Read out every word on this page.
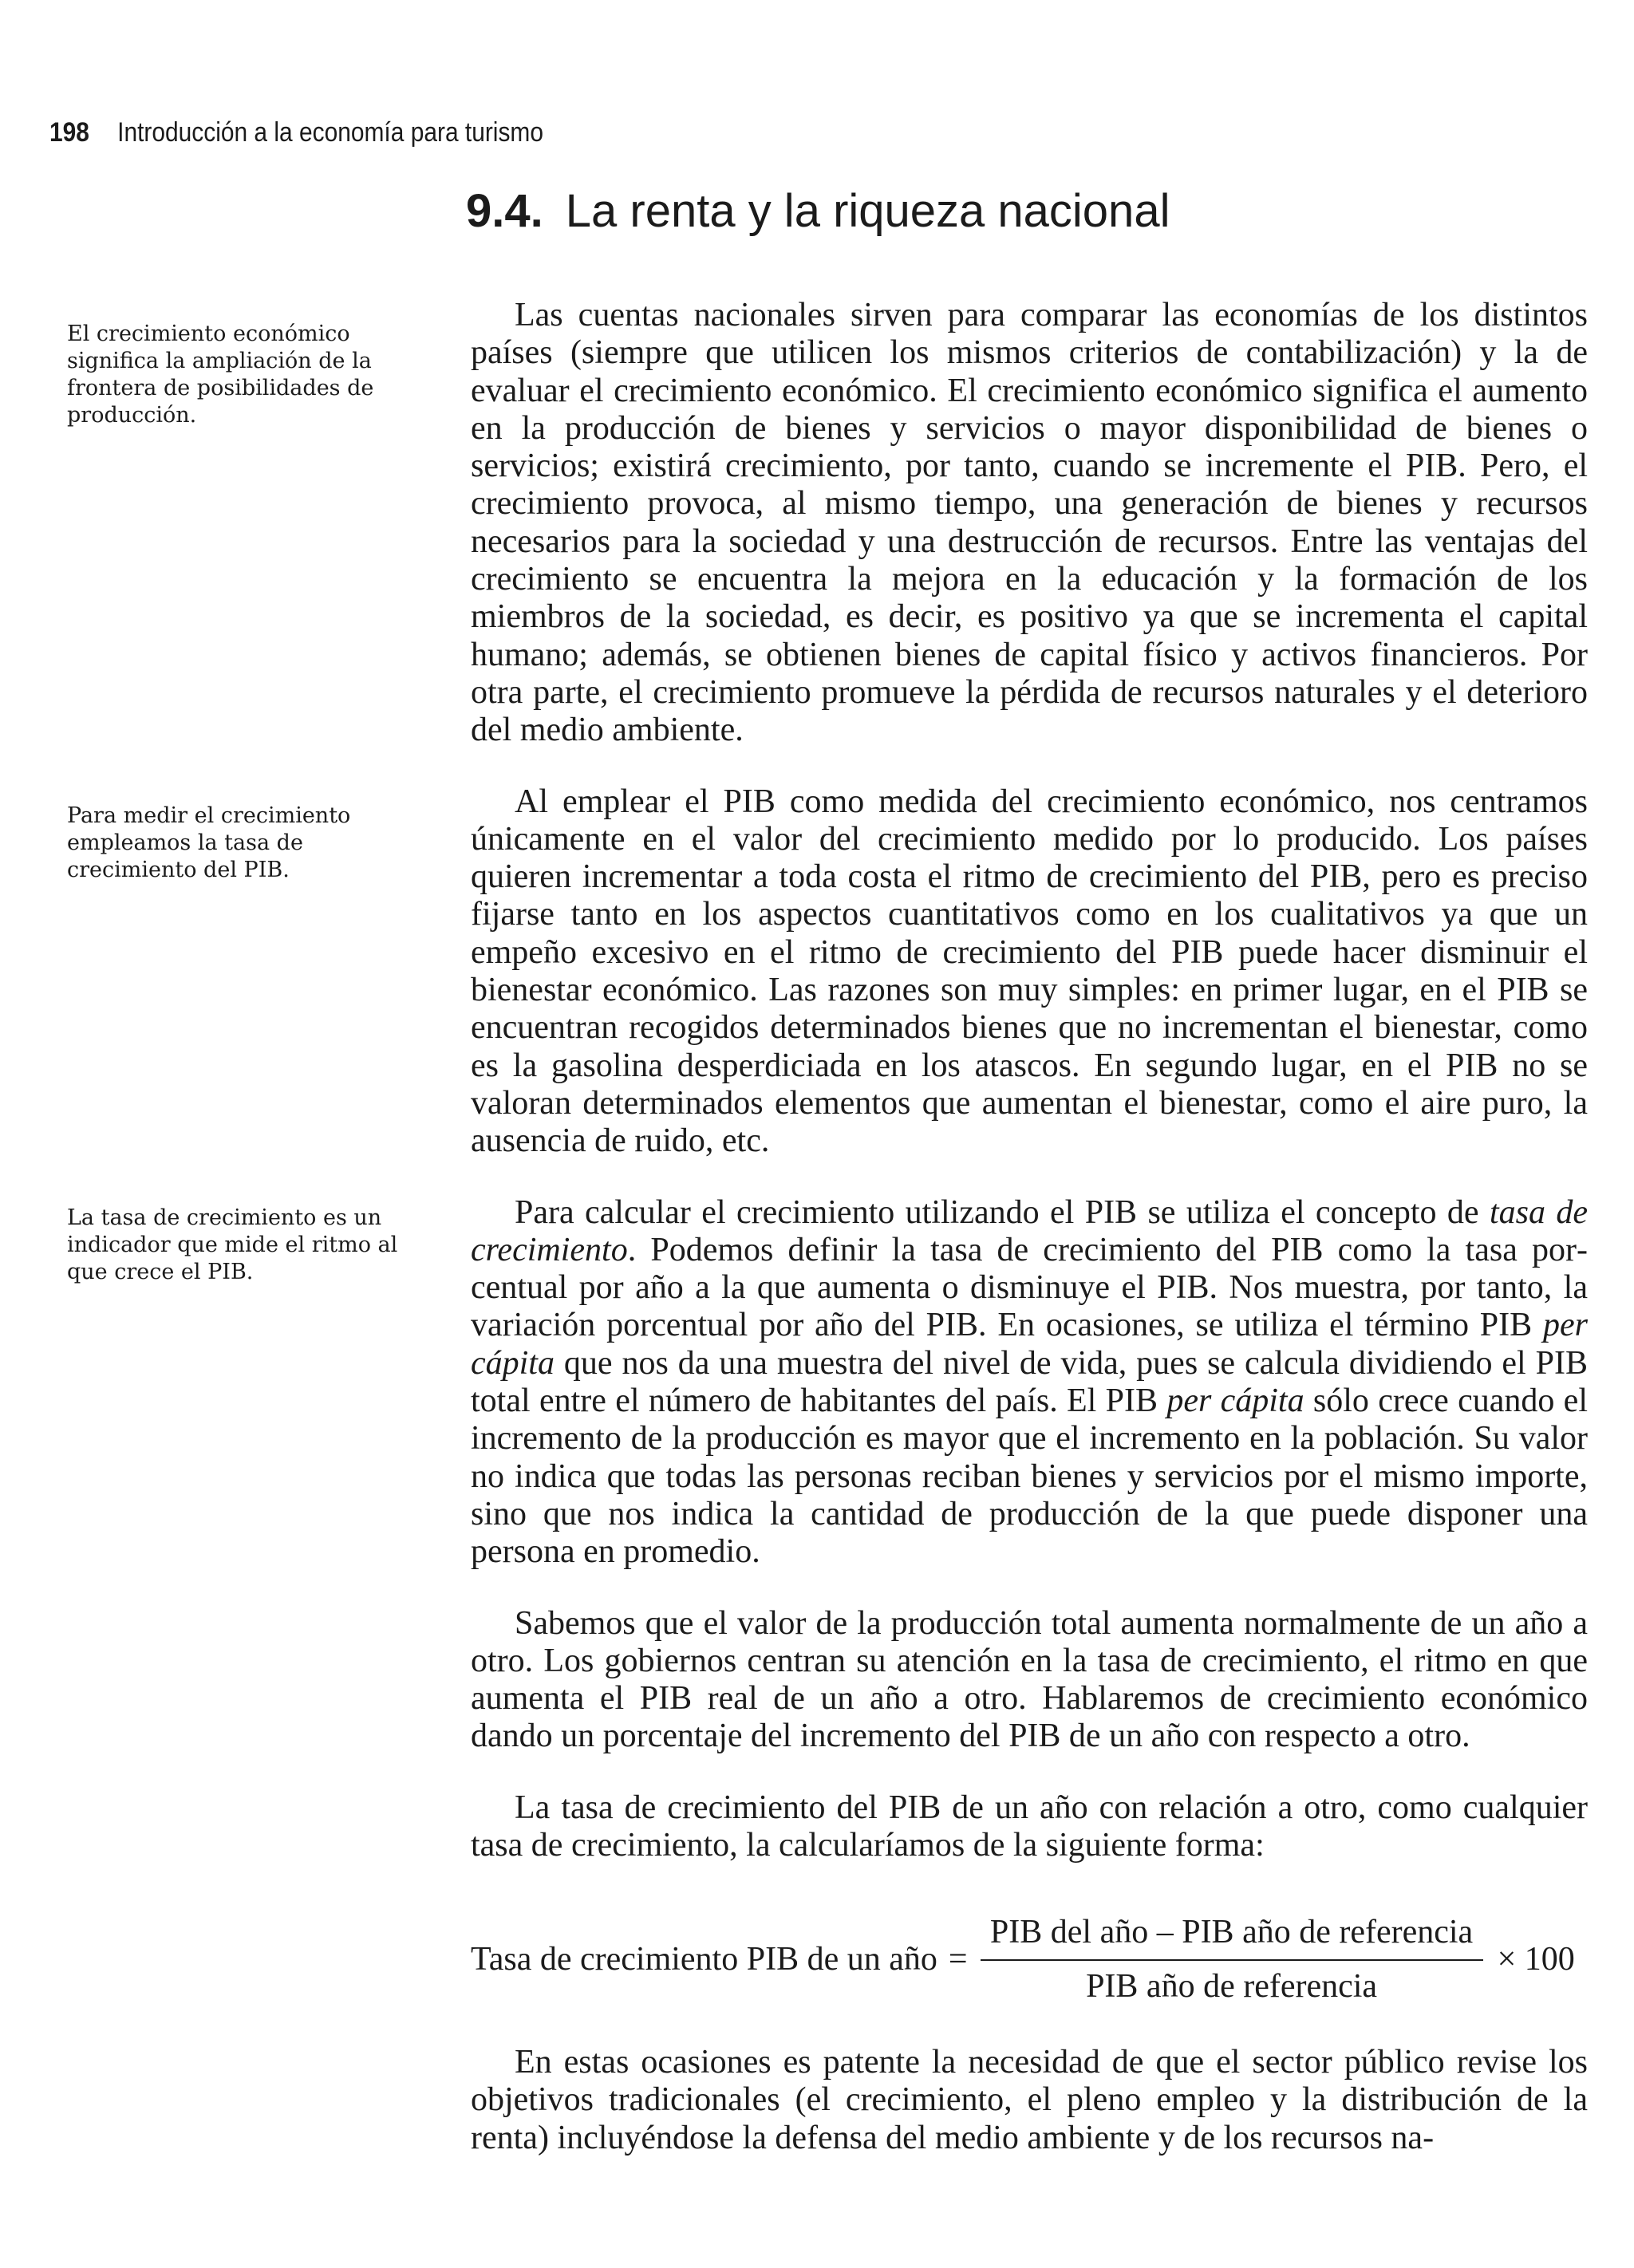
198 Introducción a la economía para turismo
9.4. La renta y la riqueza nacional

El crecimiento económico significa la ampliación de la frontera de posibilidades de producción.

Para medir el crecimiento empleamos la tasa de crecimiento del PIB.

La tasa de crecimiento es un indicador que mide el ritmo al que crece el PIB.

Las cuentas nacionales sirven para comparar las economías de los distintos países (siempre que utilicen los mismos criterios de contabilización) y la de evaluar el crecimiento económico. El crecimiento económico significa el aumento en la producción de bienes y servicios o mayor disponibilidad de bienes o servicios; existirá crecimiento, por tanto, cuando se incremente el PIB. Pero, el crecimiento provoca, al mismo tiempo, una generación de bienes y recursos necesarios para la sociedad y una destrucción de recursos. Entre las ventajas del crecimiento se encuentra la mejora en la educación y la formación de los miembros de la sociedad, es decir, es positivo ya que se incrementa el capital humano; además, se obtienen bienes de capital físico y activos financieros. Por otra parte, el crecimiento promueve la pérdida de recursos naturales y el deterioro del medio ambiente.

Al emplear el PIB como medida del crecimiento económico, nos centramos únicamente en el valor del crecimiento medido por lo producido. Los países quieren incrementar a toda costa el ritmo de crecimiento del PIB, pero es preciso fijarse tanto en los aspectos cuantitativos como en los cualitativos ya que un empeño excesivo en el ritmo de crecimiento del PIB puede hacer disminuir el bienestar económico. Las razones son muy simples: en primer lugar, en el PIB se encuentran recogidos determinados bienes que no incrementan el bienestar, como es la gasolina desperdiciada en los atascos. En segundo lugar, en el PIB no se valoran determinados elementos que aumentan el bienestar, como el aire puro, la ausencia de ruido, etc.

Para calcular el crecimiento utilizando el PIB se utiliza el concepto de tasa de crecimiento. Podemos definir la tasa de crecimiento del PIB como la tasa porcentual por año a la que aumenta o disminuye el PIB. Nos muestra, por tanto, la variación porcentual por año del PIB. En ocasiones, se utiliza el término PIB per cápita que nos da una muestra del nivel de vida, pues se calcula dividiendo el PIB total entre el número de habitantes del país. El PIB per cápita sólo crece cuando el incremento de la producción es mayor que el incremento en la población. Su valor no indica que todas las personas reciban bienes y servicios por el mismo importe, sino que nos indica la cantidad de producción de la que puede disponer una persona en promedio.

Sabemos que el valor de la producción total aumenta normalmente de un año a otro. Los gobiernos centran su atención en la tasa de crecimiento, el ritmo en que aumenta el PIB real de un año a otro. Hablaremos de crecimiento económico dando un porcentaje del incremento del PIB de un año con respecto a otro.

La tasa de crecimiento del PIB de un año con relación a otro, como cualquier tasa de crecimiento, la calcularíamos de la siguiente forma:

Tasa de crecimiento PIB de un año = $\frac{\text{PIB del año – PIB año de referencia}}{\text{PIB año de referencia}} \times 100$

En estas ocasiones es patente la necesidad de que el sector público revise los objetivos tradicionales (el crecimiento, el pleno empleo y la distribución de la renta) incluyéndose la defensa del medio ambiente y de los recursos na-
